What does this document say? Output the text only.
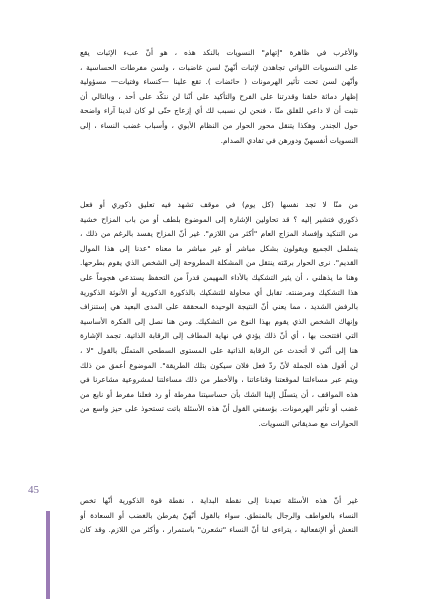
والأغرب في ظاهرة "إتهام" النسويات بالنكد هذه ، هو أنّ عبء الإثبات يقع
على النسويات اللواتي تجاهدن لإثبات أنّهنّ لسن غاضبات ، ولسن مفرطات الحساسية ،
وأنّهن لسن تحت تأثير الهرمونات ( حائضات ). تقع علينا —كنساء وفتيات— مسؤولية
إظهار دماثة خلقنا وقدرتنا على الفرح والتأكيد على أنّنا لن نتكّد على أحد ، وبالتالي أن
نثبت أن لا داعي للقلق منّا ، فنحن لن نسبب لك أي إزعاج حتّى لو كان لدينا آراء واضحة
حول الجندر. وهكذا يتنقل محور الحوار من النظام الأبوي ، وأسباب غضب النساء ، إلى
النسويات أنفسهنّ ودورهن في تفادي الصدام.
من منّا لا تجد نفسها (كل يوم) في موقف تشهد فيه تعليق ذكوري أو فعل
ذكوري فتشير إليه ؟ قد تحاولين الإشارة إلى الموضوع بلطف أو من باب المزاح خشية
من التنكيد وإفساد المزاج العام "أكثر من اللازم". غير أنّ المزاح يفسد بالرغم من ذلك ،
يتململ الجميع ويقولون بشكل مباشر أو غير مباشر ما معناه "عدنا إلى هذا الموال
القديم". نرى الحوار برمّته ينتقل من المشكلة المطروحة إلى الشخص الذي يقوم بطرحها.
وهنا ما يذهلني ، أن يثير التشكيك بالأداء المهيمن قدراً من التحفظ يستدعي هجوماً على
هذا التشكيك ومرضنته. تقابل أي محاولة للتشكيك بالذكورة الذكورية أو الأنوثة الذكورية
بالرفض الشديد ، مما يعني أنّ النتيجة الوحيدة المحققة على المدى البعيد هي إستنزاف
وإنهاك الشخص الذي يقوم بهذا النوع من التشكيك. ومن هنا نصل إلى الفكرة الأساسية
التي افتتحت بها ، أي أنّ ذلك يؤدي في نهاية المطاف إلى الرقابة الذاتية. تجمد الإشارة
هنا إلى أنّني لا أتحدث عن الرقابة الذاتية على المستوى السطحي المتمثّل بالقول "لا ،
لن أقول هذه الجملة لأنّ ردّ فعل فلان سيكون بتلك الطريقة". الموضوع أعمق من ذلك
ويتم عبر مساءلتنا لموقعتنا وقناعاتنا ، والأخطر من ذلك مساءلتنا لمشروعية مشاعرنا في
هذه المواقف ، أن يتسلّل إلينا الشك بأن حساسيتنا مفرطة أو رد فعلنا مفرط أو نابع من
غضب أو تأثير الهرمونات. بؤسفني القول أنّ هذه الأسئلة باتت تستحوذ على حيز واسع من
الحوارات مع صديقاتي النسويات.
45
غير أنّ هذه الأسئلة تعيدنا إلى نقطة البداية ، نقطة قوة الذكورية أنّها تخص
النساء بالعواطف والرجال بالمنطق. سواء بالقول أنّهنّ يفرطن بالغضب أو السعادة أو
النعش أو الإنفعالية ، يتراءى لنا أنّ النساء "تشعرن" باستمرار ، وأكثر من اللازم. وقد كان
